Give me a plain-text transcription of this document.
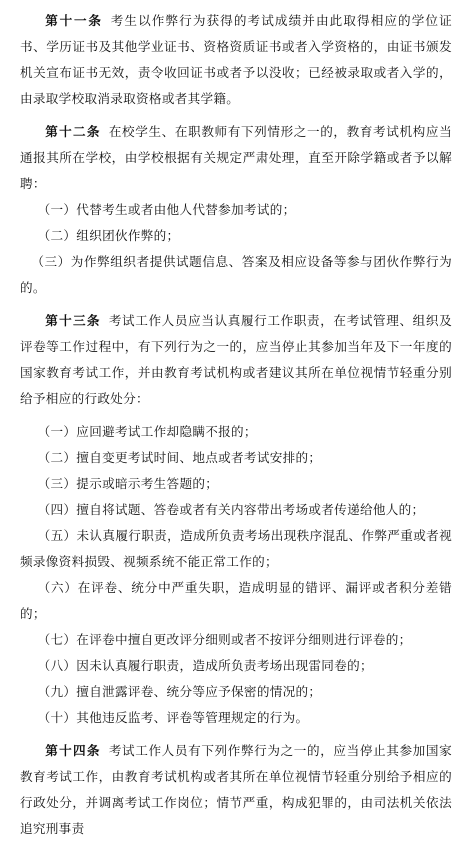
第十一条 考生以作弊行为获得的考试成绩并由此取得相应的学位证书、学历证书及其他学业证书、资格资质证书或者入学资格的，由证书颁发机关宣布证书无效，责令收回证书或者予以没收；已经被录取或者入学的，由录取学校取消录取资格或者其学籍。

第十二条 在校学生、在职教师有下列情形之一的，教育考试机构应当通报其所在学校，由学校根据有关规定严肃处理，直至开除学籍或者予以解聘：

（一）代替考生或者由他人代替参加考试的；

（二）组织团伙作弊的；

（三）为作弊组织者提供试题信息、答案及相应设备等参与团伙作弊行为的。

第十三条 考试工作人员应当认真履行工作职责，在考试管理、组织及评卷等工作过程中，有下列行为之一的，应当停止其参加当年及下一年度的国家教育考试工作，并由教育考试机构或者建议其所在单位视情节轻重分别给予相应的行政处分：

（一）应回避考试工作却隐瞒不报的；

（二）擅自变更考试时间、地点或者考试安排的；

（三）提示或暗示考生答题的；

（四）擅自将试题、答卷或者有关内容带出考场或者传递给他人的；

（五）未认真履行职责，造成所负责考场出现秩序混乱、作弊严重或者视频录像资料损毁、视频系统不能正常工作的；

（六）在评卷、统分中严重失职，造成明显的错评、漏评或者积分差错的；

（七）在评卷中擅自更改评分细则或者不按评分细则进行评卷的；

（八）因未认真履行职责，造成所负责考场出现雷同卷的；

（九）擅自泄露评卷、统分等应予保密的情况的；

（十）其他违反监考、评卷等管理规定的行为。

第十四条 考试工作人员有下列作弊行为之一的，应当停止其参加国家教育考试工作，由教育考试机构或者其所在单位视情节轻重分别给予相应的行政处分，并调离考试工作岗位；情节严重，构成犯罪的，由司法机关依法追究刑事责
